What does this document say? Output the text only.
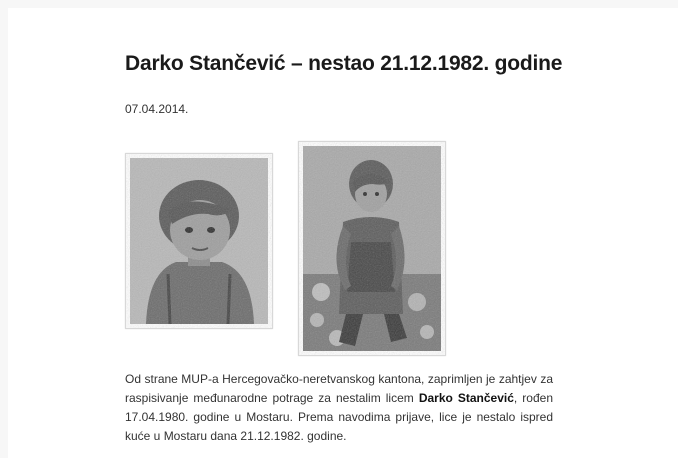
Darko Stančević – nestao 21.12.1982. godine
07.04.2014.

Od strane MUP-a Hercegovačko-neretvanskog kantona, zaprimljen je zahtjev za raspisivanje međunarodne potrage za nestalim licem Darko Stančević, rođen 17.04.1980. godine u Mostaru. Prema navodima prijave, lice je nestalo ispred kuće u Mostaru dana 21.12.1982. godine.
